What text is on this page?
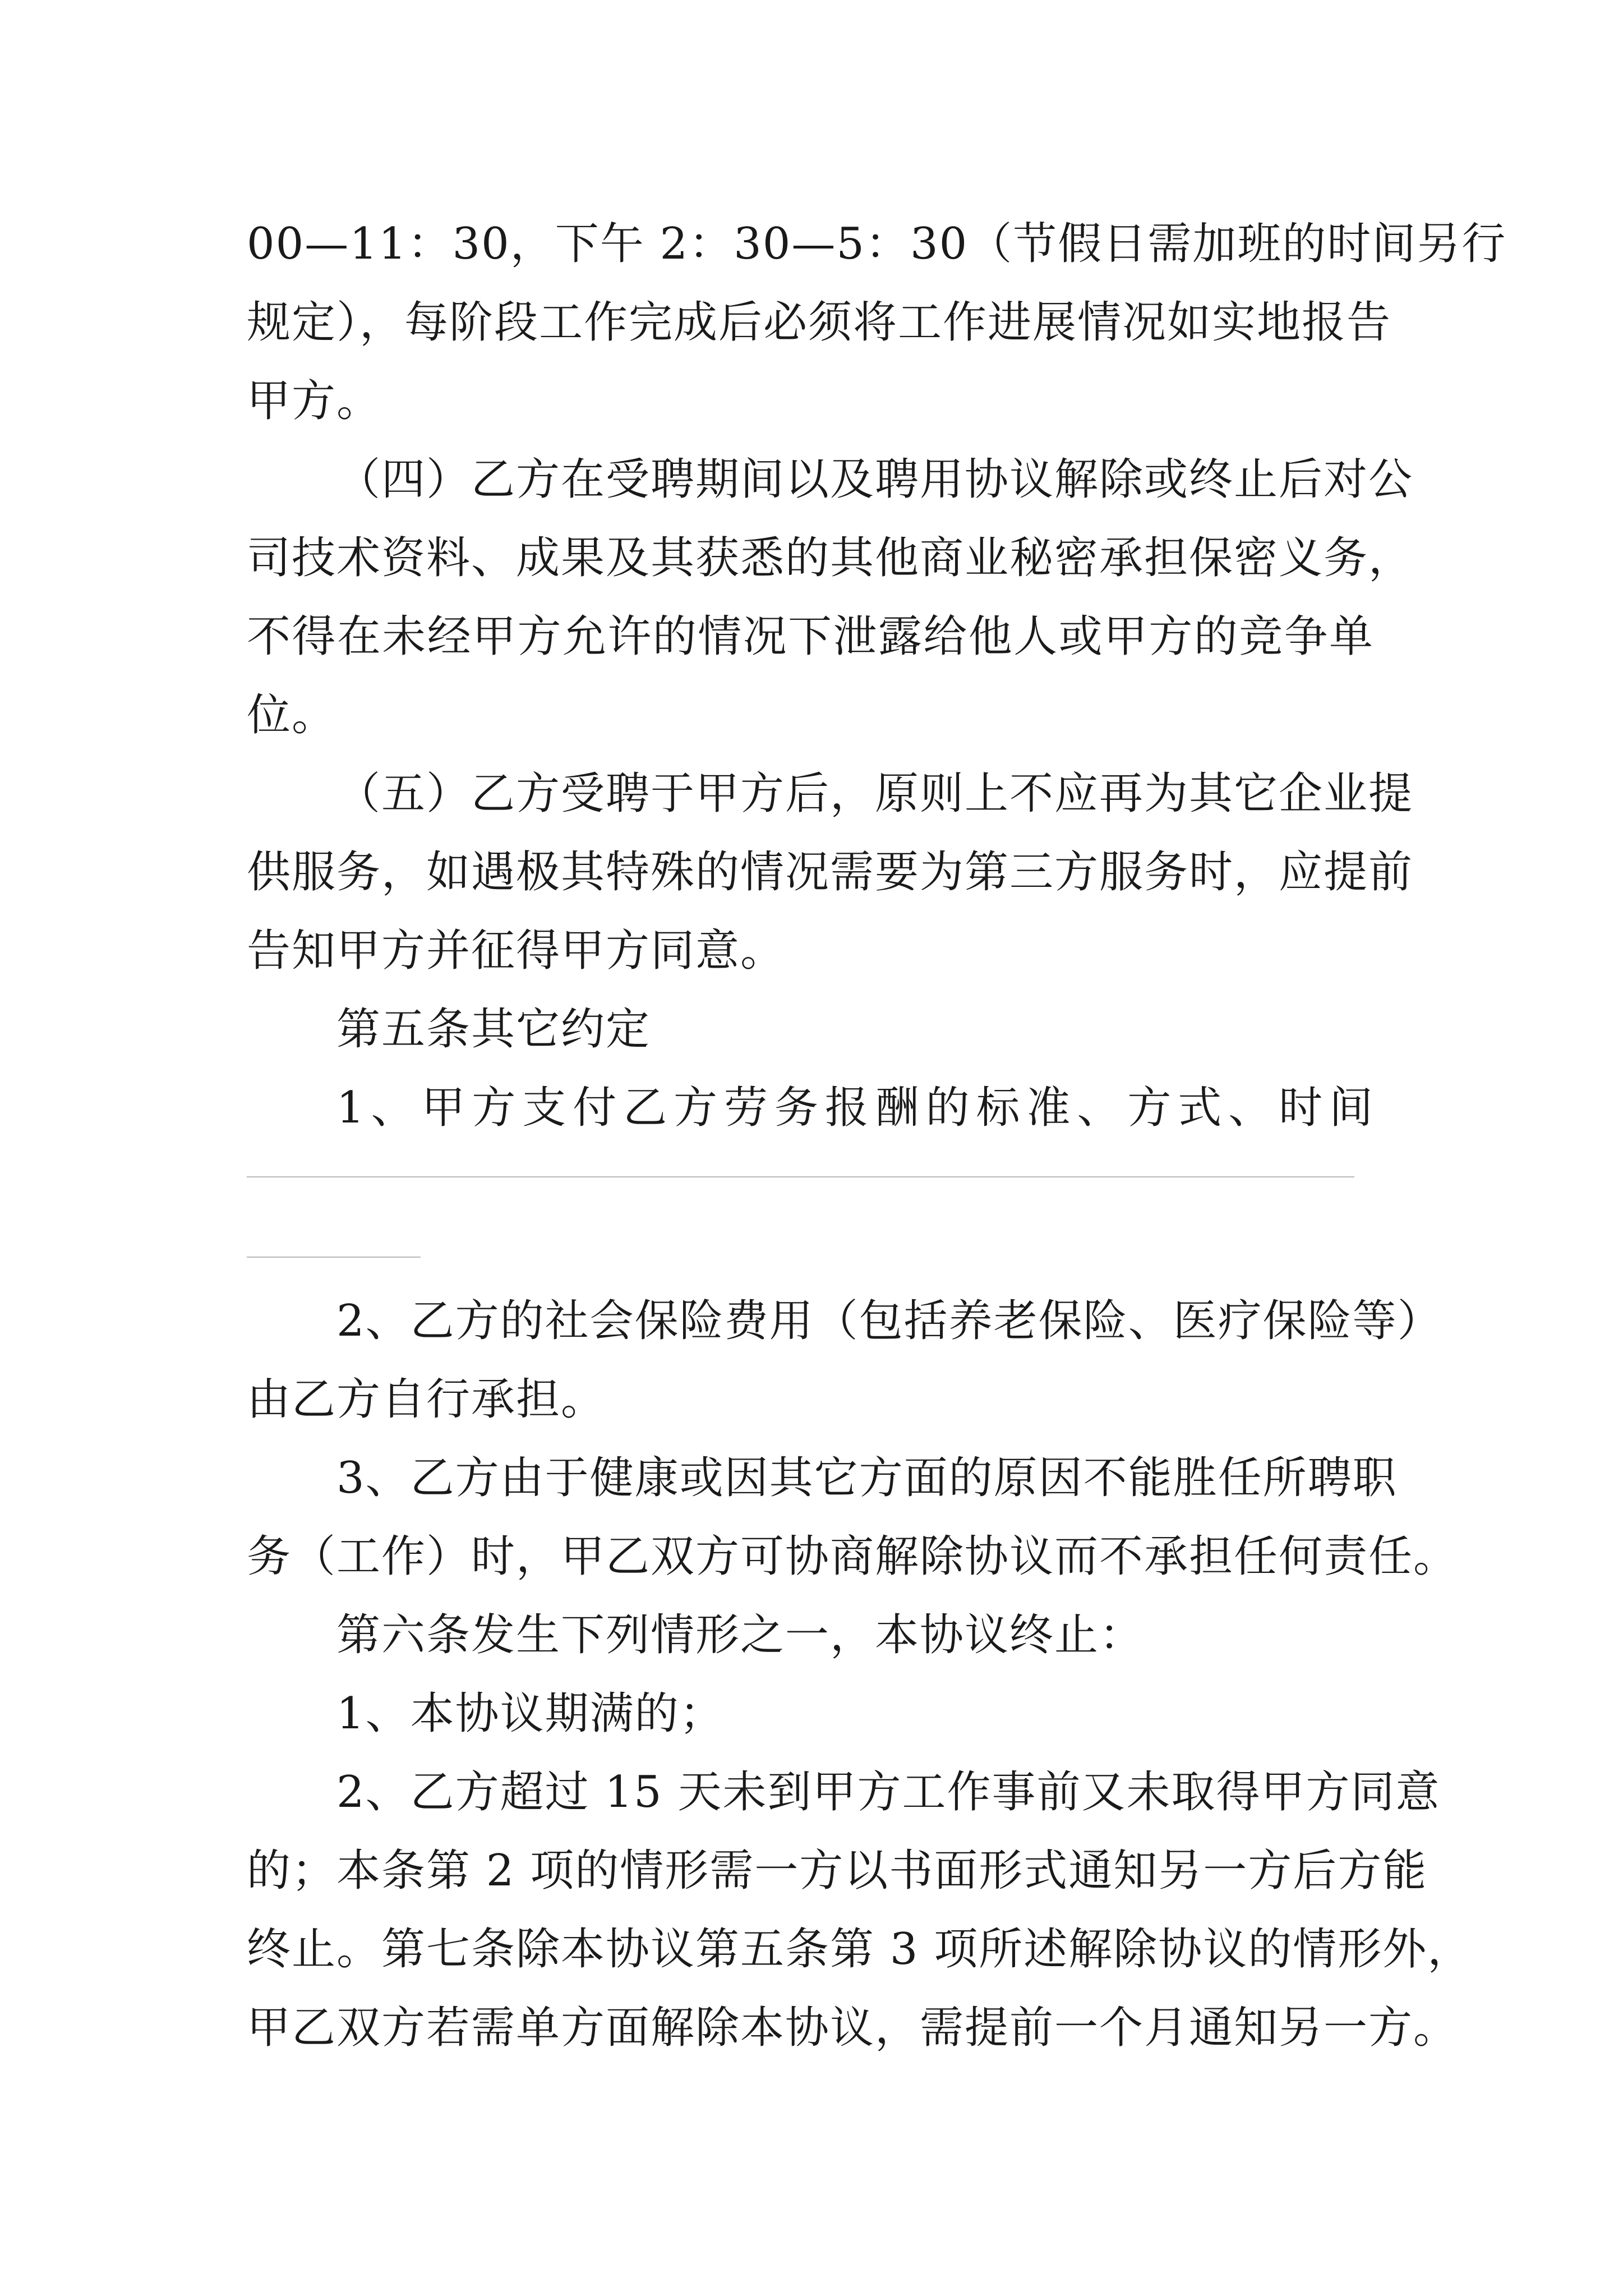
00—11：30，下午 2：30—5：30（节假日需加班的时间另行
规定），每阶段工作完成后必须将工作进展情况如实地报告
甲方。
（四）乙方在受聘期间以及聘用协议解除或终止后对公
司技术资料、成果及其获悉的其他商业秘密承担保密义务，
不得在未经甲方允许的情况下泄露给他人或甲方的竞争单
位。
（五）乙方受聘于甲方后，原则上不应再为其它企业提
供服务，如遇极其特殊的情况需要为第三方服务时，应提前
告知甲方并征得甲方同意。
第五条其它约定
1、甲方支付乙方劳务报酬的标准、方式、时间
2、乙方的社会保险费用（包括养老保险、医疗保险等）
由乙方自行承担。
3、乙方由于健康或因其它方面的原因不能胜任所聘职
务（工作）时，甲乙双方可协商解除协议而不承担任何责任。
第六条发生下列情形之一，本协议终止：
1、本协议期满的；
2、乙方超过 15 天未到甲方工作事前又未取得甲方同意
的；本条第 2 项的情形需一方以书面形式通知另一方后方能
终止。第七条除本协议第五条第 3 项所述解除协议的情形外，
甲乙双方若需单方面解除本协议，需提前一个月通知另一方。
